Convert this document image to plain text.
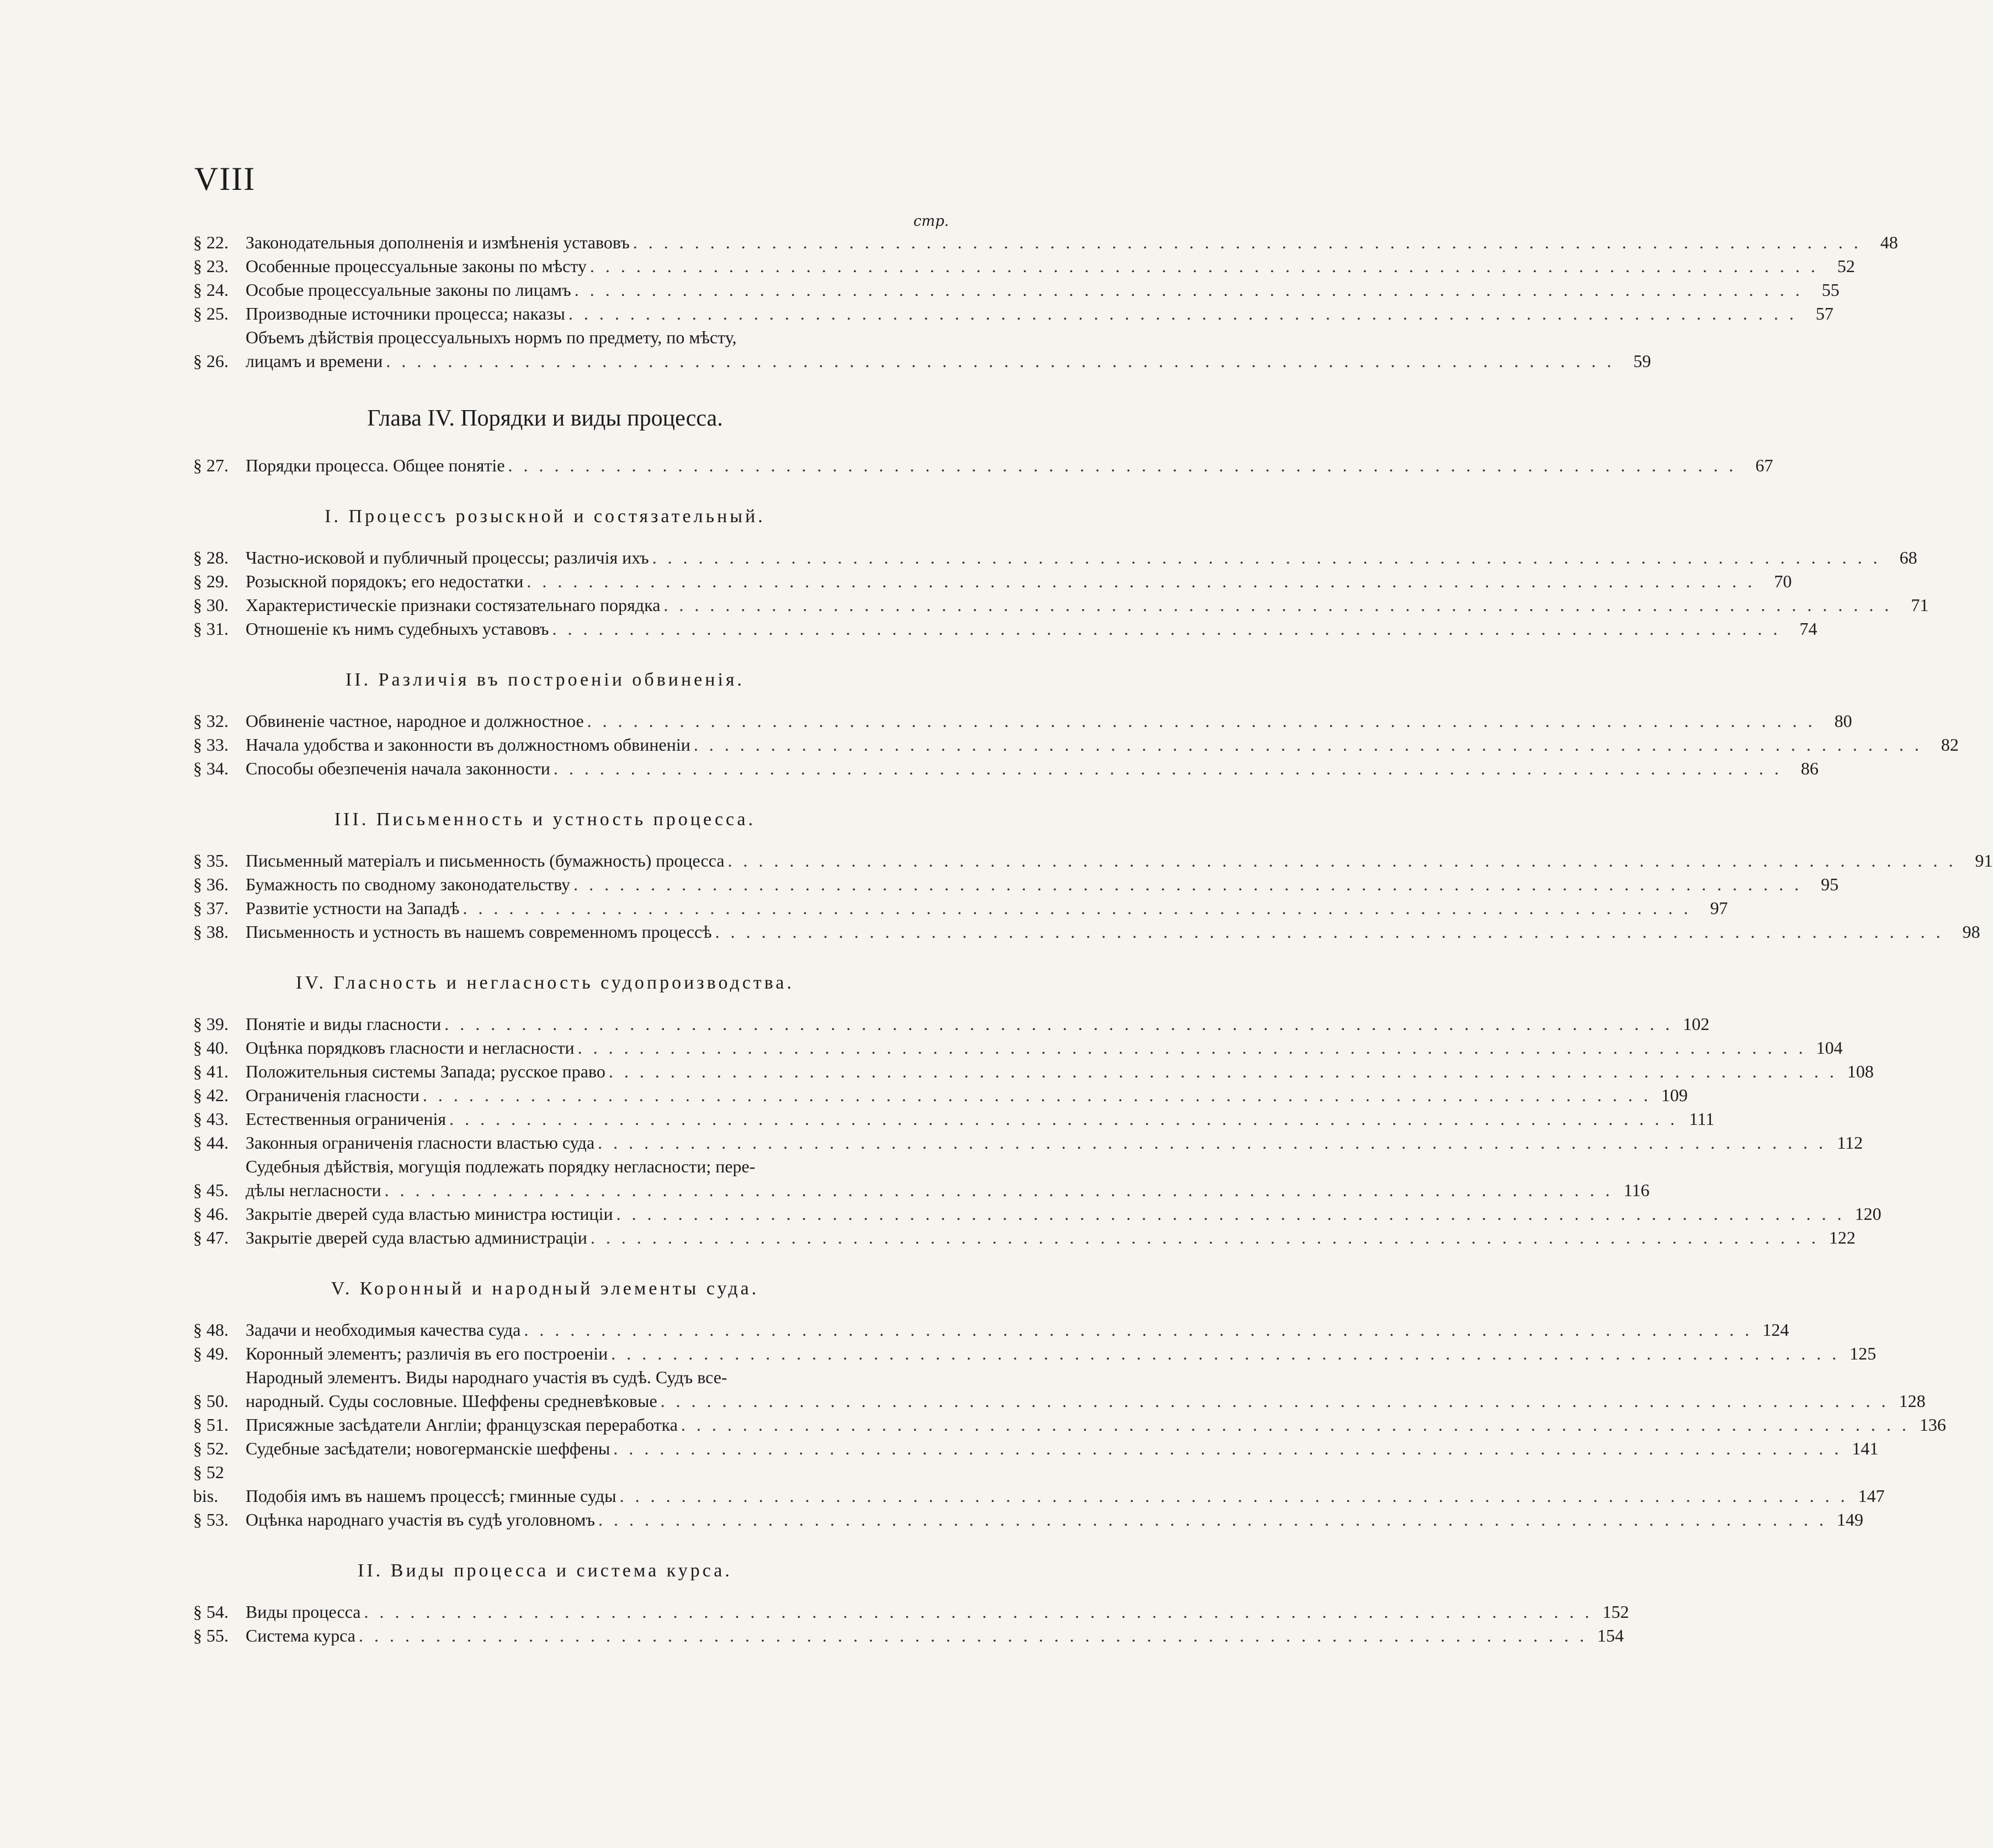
VIII
стр.
§ 22. Законодательныя дополненія и измѣненія уставовъ . . . . . . . . . . . . . . . . . . . . . . . . . . . . . . . . . . . . . . . . . . . . . . . . . . . . . . . . . . . . . . . . . . . . . . . . . . . . . . . .	48
§ 23. Особенные процессуальные законы по мѣсту . . . . . . . . . . . . . . . . . . . . . . . . . . . . . . . . . . . . . . . . . . . . . . . . . . . . . . . . . . . . . . . . . . . . . . . . . . . . . . . .	52
§ 24. Особые процессуальные законы по лицамъ . . . . . . . . . . . . . . . . . . . . . . . . . . . . . . . . . . . . . . . . . . . . . . . . . . . . . . . . . . . . . . . . . . . . . . . . . . . . . . . .	55
§ 25. Производные источники процесса; наказы . . . . . . . . . . . . . . . . . . . . . . . . . . . . . . . . . . . . . . . . . . . . . . . . . . . . . . . . . . . . . . . . . . . . . . . . . . . . . . . .	57
§ 26.
Объемъ дѣйствія процессуальныхъ нормъ по предмету, по мѣсту,
лицамъ и времени . . . . . . . . . . . . . . . . . . . . . . . . . . . . . . . . . . . . . . . . . . . . . . . . . . . . . . . . . . . . . . . . . . . . . . . . . . . . . . . .	59
Глава IV. Порядки и виды процесса.
§ 27. Порядки процесса. Общее понятіе . . . . . . . . . . . . . . . . . . . . . . . . . . . . . . . . . . . . . . . . . . . . . . . . . . . . . . . . . . . . . . . . . . . . . . . . . . . . . . . .	67
I. Процессъ розыскной и состязательный.
§ 28. Частно-исковой и публичный процессы; различія ихъ . . . . . . . . . . . . . . . . . . . . . . . . . . . . . . . . . . . . . . . . . . . . . . . . . . . . . . . . . . . . . . . . . . . . . . . . . . . . . . . .	68
§ 29. Розыскной порядокъ; его недостатки . . . . . . . . . . . . . . . . . . . . . . . . . . . . . . . . . . . . . . . . . . . . . . . . . . . . . . . . . . . . . . . . . . . . . . . . . . . . . . . .	70
§ 30. Характеристическіе признаки состязательнаго порядка . . . . . . . . . . . . . . . . . . . . . . . . . . . . . . . . . . . . . . . . . . . . . . . . . . . . . . . . . . . . . . . . . . . . . . . . . . . . . . . .	71
§ 31. Отношеніе къ нимъ судебныхъ уставовъ . . . . . . . . . . . . . . . . . . . . . . . . . . . . . . . . . . . . . . . . . . . . . . . . . . . . . . . . . . . . . . . . . . . . . . . . . . . . . . . .	74
II. Различія въ построеніи обвиненія.
§ 32. Обвиненіе частное, народное и должностное . . . . . . . . . . . . . . . . . . . . . . . . . . . . . . . . . . . . . . . . . . . . . . . . . . . . . . . . . . . . . . . . . . . . . . . . . . . . . . . .	80
§ 33. Начала удобства и законности въ должностномъ обвиненіи . . . . . . . . . . . . . . . . . . . . . . . . . . . . . . . . . . . . . . . . . . . . . . . . . . . . . . . . . . . . . . . . . . . . . . . . . . . . . . . .	82
§ 34. Способы обезпеченія начала законности . . . . . . . . . . . . . . . . . . . . . . . . . . . . . . . . . . . . . . . . . . . . . . . . . . . . . . . . . . . . . . . . . . . . . . . . . . . . . . . .	86
III. Письменность и устность процесса.
§ 35. Письменный матеріалъ и письменность (бумажность) процесса . . . . . . . . . . . . . . . . . . . . . . . . . . . . . . . . . . . . . . . . . . . . . . . . . . . . . . . . . . . . . . . . . . . . . . . . . . . . . . . .	91
§ 36. Бумажность по сводному законодательству . . . . . . . . . . . . . . . . . . . . . . . . . . . . . . . . . . . . . . . . . . . . . . . . . . . . . . . . . . . . . . . . . . . . . . . . . . . . . . . .	95
§ 37. Развитіе устности на Западѣ . . . . . . . . . . . . . . . . . . . . . . . . . . . . . . . . . . . . . . . . . . . . . . . . . . . . . . . . . . . . . . . . . . . . . . . . . . . . . . . .	97
§ 38. Письменность и устность въ нашемъ современномъ процессѣ . . . . . . . . . . . . . . . . . . . . . . . . . . . . . . . . . . . . . . . . . . . . . . . . . . . . . . . . . . . . . . . . . . . . . . . . . . . . . . . .	98
IV. Гласность и негласность судопроизводства.
§ 39. Понятіе и виды гласности . . . . . . . . . . . . . . . . . . . . . . . . . . . . . . . . . . . . . . . . . . . . . . . . . . . . . . . . . . . . . . . . . . . . . . . . . . . . . . . . 102
§ 40. Оцѣнка порядковъ гласности и негласности . . . . . . . . . . . . . . . . . . . . . . . . . . . . . . . . . . . . . . . . . . . . . . . . . . . . . . . . . . . . . . . . . . . . . . . . . . . . . . . . 104
§ 41. Положительныя системы Запада; русское право . . . . . . . . . . . . . . . . . . . . . . . . . . . . . . . . . . . . . . . . . . . . . . . . . . . . . . . . . . . . . . . . . . . . . . . . . . . . . . . . 108
§ 42. Ограниченія гласности . . . . . . . . . . . . . . . . . . . . . . . . . . . . . . . . . . . . . . . . . . . . . . . . . . . . . . . . . . . . . . . . . . . . . . . . . . . . . . . . 109
§ 43. Естественныя ограниченія . . . . . . . . . . . . . . . . . . . . . . . . . . . . . . . . . . . . . . . . . . . . . . . . . . . . . . . . . . . . . . . . . . . . . . . . . . . . . . . . 111
§ 44. Законныя ограниченія гласности властью суда . . . . . . . . . . . . . . . . . . . . . . . . . . . . . . . . . . . . . . . . . . . . . . . . . . . . . . . . . . . . . . . . . . . . . . . . . . . . . . . . 112
§ 45.
Судебныя дѣйствія, могущія подлежать порядку негласности; пере-
дѣлы негласности . . . . . . . . . . . . . . . . . . . . . . . . . . . . . . . . . . . . . . . . . . . . . . . . . . . . . . . . . . . . . . . . . . . . . . . . . . . . . . . . 116
§ 46. Закрытіе дверей суда властью министра юстиціи . . . . . . . . . . . . . . . . . . . . . . . . . . . . . . . . . . . . . . . . . . . . . . . . . . . . . . . . . . . . . . . . . . . . . . . . . . . . . . . . 120
§ 47. Закрытіе дверей суда властью администраціи . . . . . . . . . . . . . . . . . . . . . . . . . . . . . . . . . . . . . . . . . . . . . . . . . . . . . . . . . . . . . . . . . . . . . . . . . . . . . . . . 122
V. Коронный и народный элементы суда.
§ 48. Задачи и необходимыя качества суда . . . . . . . . . . . . . . . . . . . . . . . . . . . . . . . . . . . . . . . . . . . . . . . . . . . . . . . . . . . . . . . . . . . . . . . . . . . . . . . . 124
§ 49. Коронный элементъ; различія въ его построеніи . . . . . . . . . . . . . . . . . . . . . . . . . . . . . . . . . . . . . . . . . . . . . . . . . . . . . . . . . . . . . . . . . . . . . . . . . . . . . . . . 125
§ 50.
Народный элементъ. Виды народнаго участія въ судѣ. Судъ все-
народный. Суды сословные. Шеффены средневѣковые . . . . . . . . . . . . . . . . . . . . . . . . . . . . . . . . . . . . . . . . . . . . . . . . . . . . . . . . . . . . . . . . . . . . . . . . . . . . . . . . 128
§ 51. Присяжные засѣдатели Англіи; французская переработка . . . . . . . . . . . . . . . . . . . . . . . . . . . . . . . . . . . . . . . . . . . . . . . . . . . . . . . . . . . . . . . . . . . . . . . . . . . . . . . . 136
§ 52. Судебные засѣдатели; новогерманскіе шеффены . . . . . . . . . . . . . . . . . . . . . . . . . . . . . . . . . . . . . . . . . . . . . . . . . . . . . . . . . . . . . . . . . . . . . . . . . . . . . . . . 141
§ 52 bis.	Подобія имъ въ нашемъ процессѣ; гминные суды . . . . . . . . . . . . . . . . . . . . . . . . . . . . . . . . . . . . . . . . . . . . . . . . . . . . . . . . . . . . . . . . . . . . . . . . . . . . . . . . 147
§ 53. Оцѣнка народнаго участія въ судѣ уголовномъ . . . . . . . . . . . . . . . . . . . . . . . . . . . . . . . . . . . . . . . . . . . . . . . . . . . . . . . . . . . . . . . . . . . . . . . . . . . . . . . . 149
II. Виды процесса и система курса.
§ 54. Виды процесса . . . . . . . . . . . . . . . . . . . . . . . . . . . . . . . . . . . . . . . . . . . . . . . . . . . . . . . . . . . . . . . . . . . . . . . . . . . . . . . . 152
§ 55. Система курса . . . . . . . . . . . . . . . . . . . . . . . . . . . . . . . . . . . . . . . . . . . . . . . . . . . . . . . . . . . . . . . . . . . . . . . . . . . . . . . . 154
